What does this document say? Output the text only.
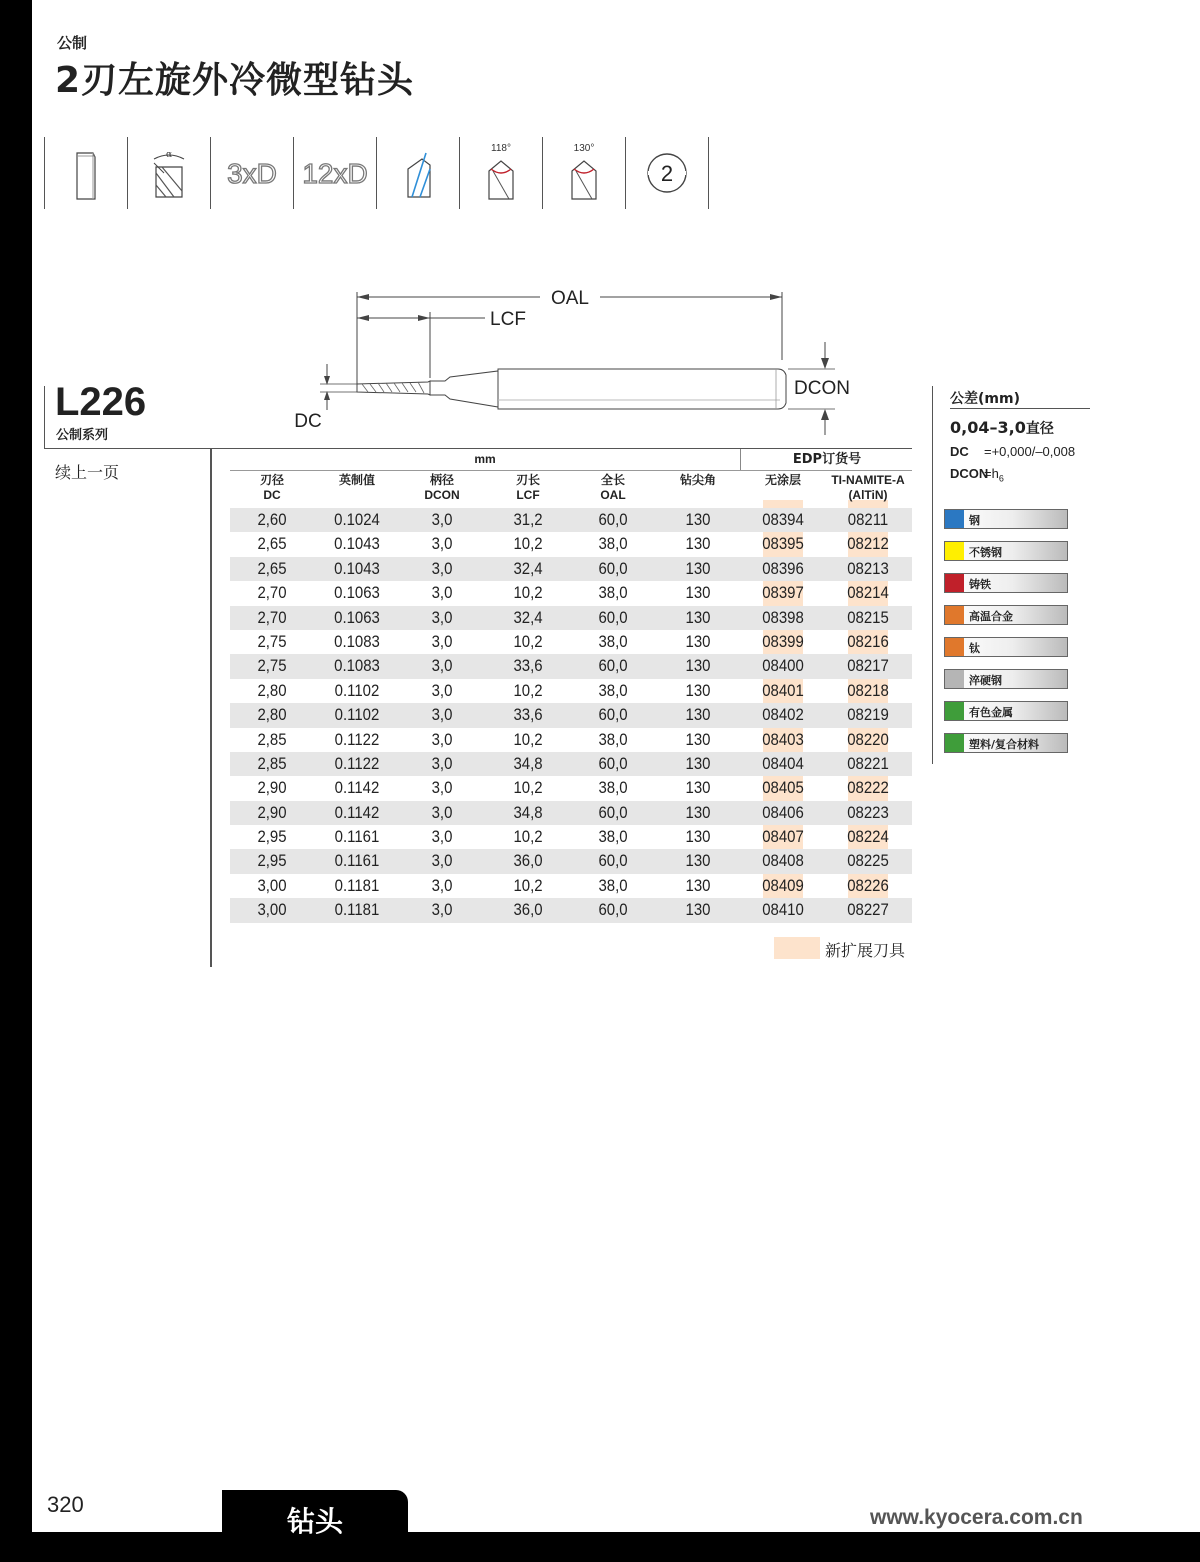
钻头
320
www.kyocera.com.cn
公制
2刃左旋外冷微型钻头
α
3xD 12xD
118°	130°
2
OAL
LCF
DCON
DC
L226
公制系列
续上一页
mm	EDP订货号
刃径
DC
英制值	柄径
DCON
刃长
LCF
全长
OAL
钻尖角	无涂层	TI-NAMITE-A
(AlTiN)
2,60	0.1024	3,0	31,2	60,0	130	08394	08211
2,65	0.1043	3,0	10,2	38,0	130	08395	08212
2,65	0.1043	3,0	32,4	60,0	130	08396	08213
2,70	0.1063	3,0	10,2	38,0	130	08397	08214
2,70	0.1063	3,0	32,4	60,0	130	08398	08215
2,75	0.1083	3,0	10,2	38,0	130	08399	08216
2,75	0.1083	3,0	33,6	60,0	130	08400	08217
2,80	0.1102	3,0	10,2	38,0	130	08401	08218
2,80	0.1102	3,0	33,6	60,0	130	08402	08219
2,85	0.1122	3,0	10,2	38,0	130	08403	08220
2,85	0.1122	3,0	34,8	60,0	130	08404	08221
2,90	0.1142	3,0	10,2	38,0	130	08405	08222
2,90	0.1142	3,0	34,8	60,0	130	08406	08223
2,95	0.1161	3,0	10,2	38,0	130	08407	08224
2,95	0.1161	3,0	36,0	60,0	130	08408	08225
3,00	0.1181	3,0	10,2	38,0	130	08409	08226
3,00	0.1181	3,0	36,0	60,0	130	08410	08227
新扩展刀具
公差(mm)
0,04–3,0直径
DC =+0,000/–0,008
$DCON=h_6$
钢
不锈钢
铸铁
高温合金
钛
淬硬钢
有色金属
塑料/复合材料
